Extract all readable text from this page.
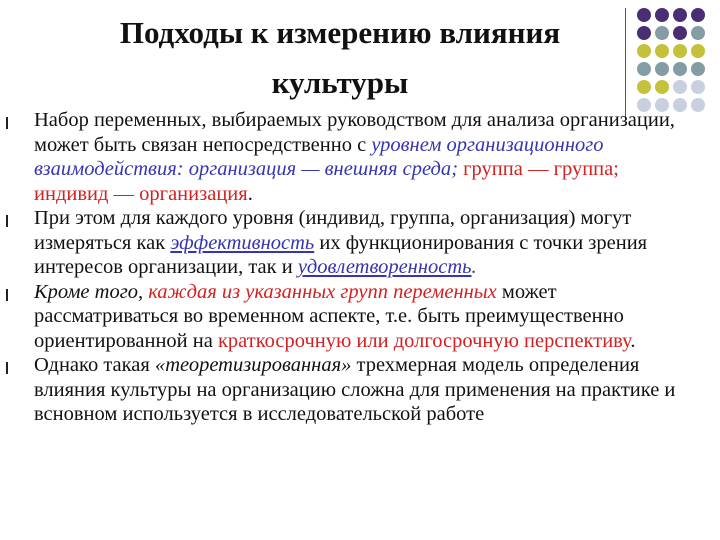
Подходы к измерению влияния
культуры
Набор переменных, выбираемых руководством для анализа организации, может быть связан непосредственно с уровнем организационного взаимодействия: организация — внешняя среда; группа — группа; индивид — организация.
При этом для каждого уровня (индивид, группа, организация) могут измеряться как эффективность их функционирования с точки зрения интересов организации, так и удовлетворенность.
Кроме того, каждая из указанных групп переменных может рассматриваться во временном аспекте, т.е. быть преимущественно ориентированной на краткосрочную или долгосрочную перспективу.
Однако такая «теоретизированная» трехмерная модель определения влияния культуры на организацию сложна для применения на практике и всновном используется в исследовательской работе
